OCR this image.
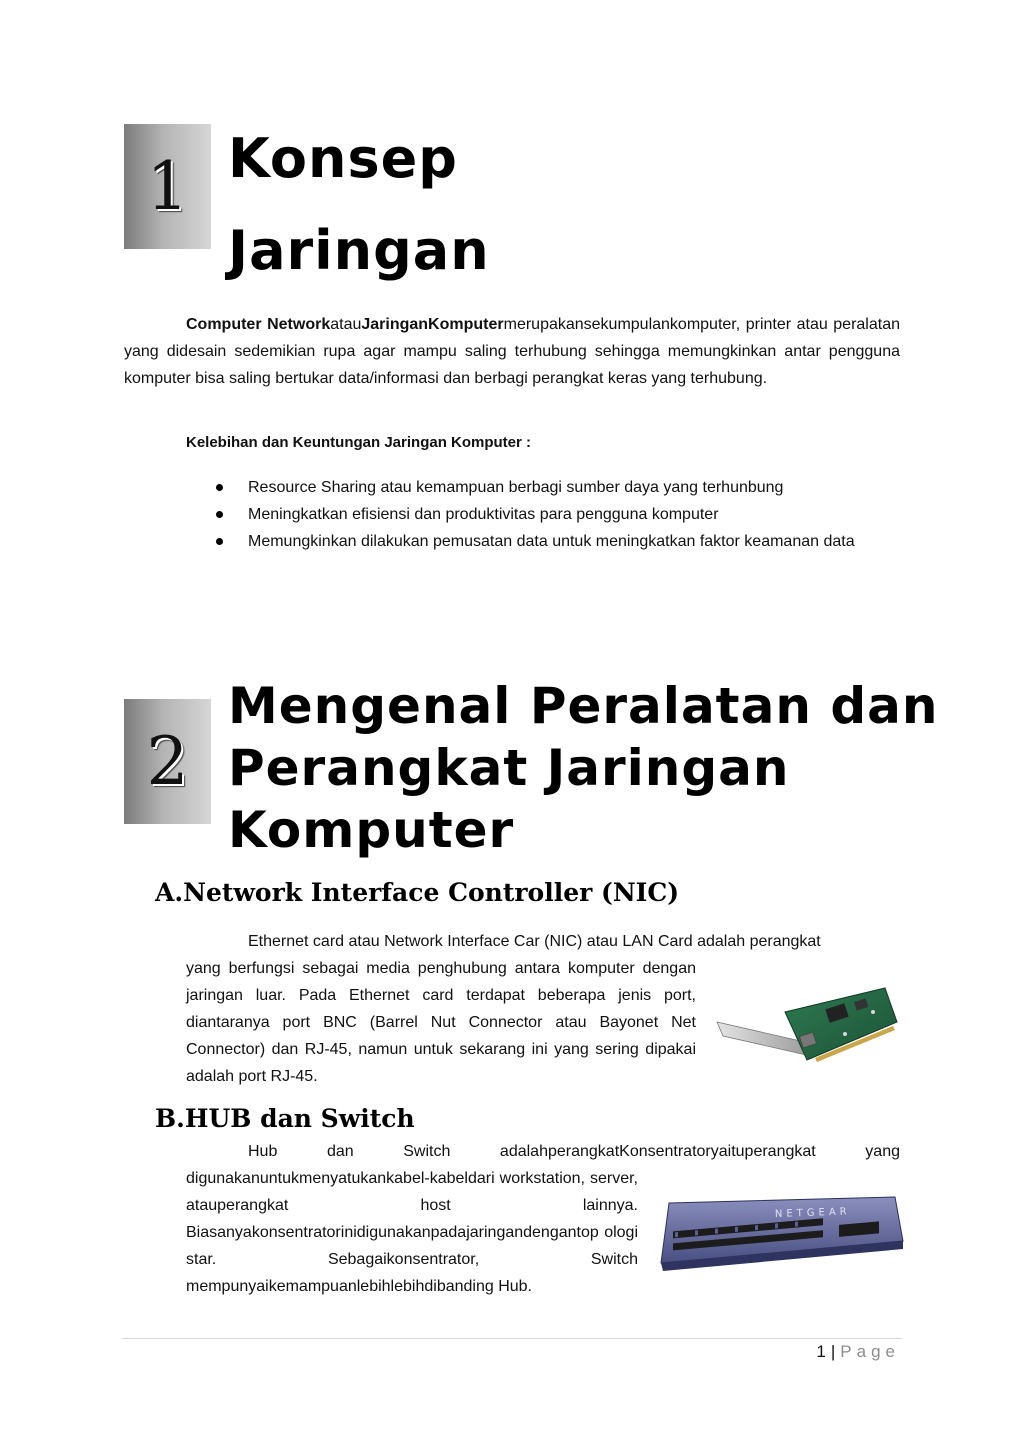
1 Konsep
Jaringan
Computer NetworkatauJaringanKomputermerupakansekumpulankomputer, printer atau peralatan yang didesain sedemikian rupa agar mampu saling terhubung sehingga memungkinkan antar pengguna komputer bisa saling bertukar data/informasi dan berbagi perangkat keras yang terhubung.
Kelebihan dan Keuntungan Jaringan Komputer :
Resource Sharing atau kemampuan berbagi sumber daya yang terhunbung
Meningkatkan efisiensi dan produktivitas para pengguna komputer
Memungkinkan dilakukan pemusatan data untuk meningkatkan faktor keamanan data
2
Mengenal Peralatan dan
Perangkat Jaringan
Komputer
A.Network Interface Controller (NIC)
Ethernet card atau Network Interface Car (NIC) atau LAN Card adalah perangkat
yang berfungsi sebagai media penghubung antara komputer dengan jaringan luar. Pada Ethernet card terdapat beberapa jenis port, diantaranya port BNC (Barrel Nut Connector atau Bayonet Net Connector) dan RJ-45, namun untuk sekarang ini yang sering dipakai adalah port RJ-45.
B.HUB dan Switch
Hub dan Switch adalahperangkatKonsentratoryaituperangkat yang
digunakanuntukmenyatukankabel-kabeldari workstation, server, atauperangkat host lainnya. Biasanyakonsentratorinidigunakanpadajaringandengantop ologi star. Sebagaikonsentrator, Switch mempunyaikemampuanlebihlebihdibanding Hub.
NETGEAR
1 | Page
